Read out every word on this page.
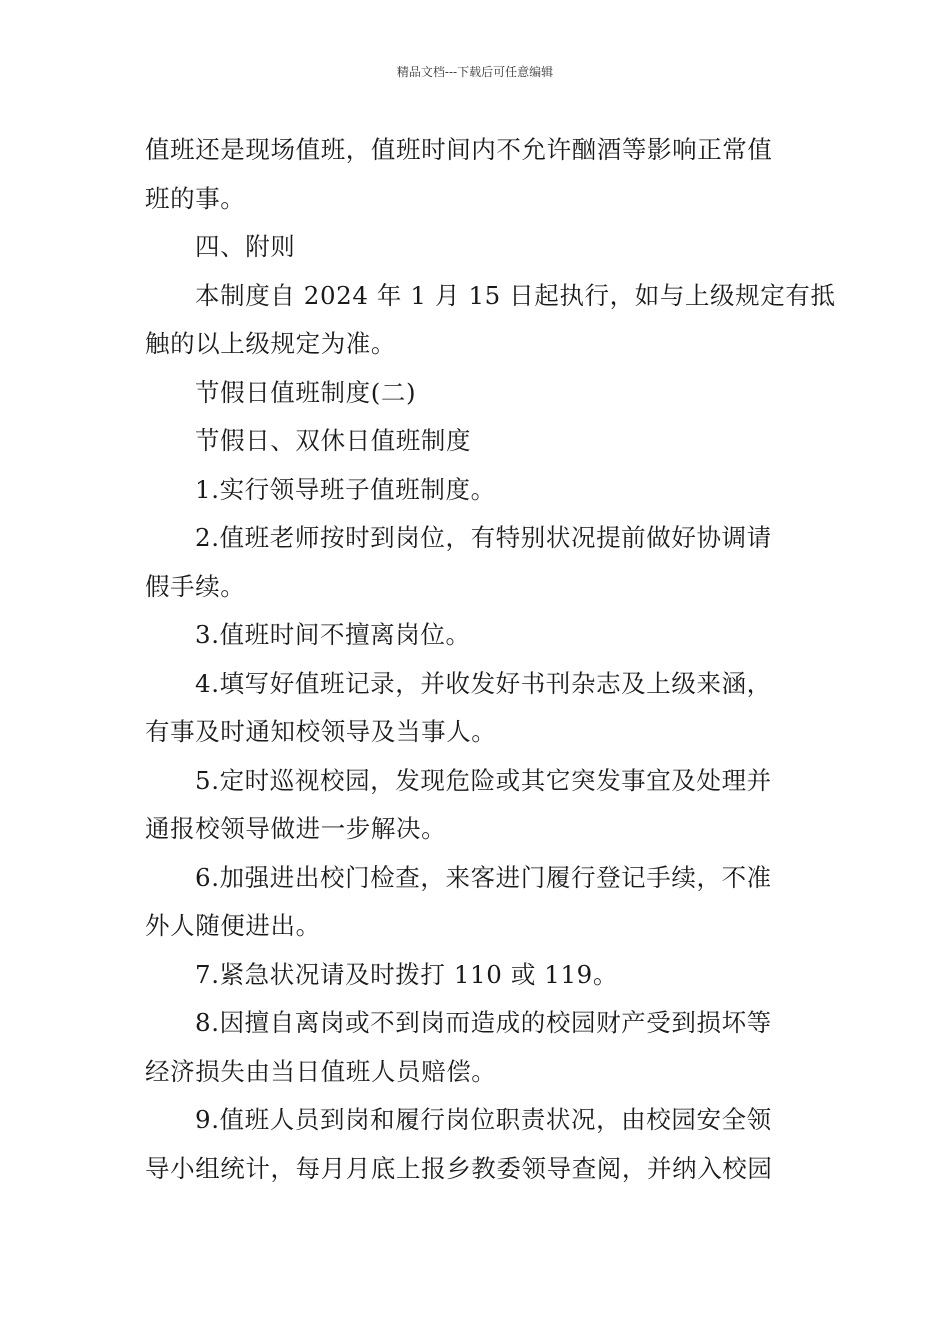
精品文档---下载后可任意编辑

值班还是现场值班，值班时间内不允许酗酒等影响正常值

班的事。

四、附则

本制度自 2024 年 1 月 15 日起执行，如与上级规定有抵

触的以上级规定为准。

节假日值班制度(二)

节假日、双休日值班制度

1.实行领导班子值班制度。

2.值班老师按时到岗位，有特别状况提前做好协调请

假手续。

3.值班时间不擅离岗位。

4.填写好值班记录，并收发好书刊杂志及上级来涵，

有事及时通知校领导及当事人。

5.定时巡视校园，发现危险或其它突发事宜及处理并

通报校领导做进一步解决。

6.加强进出校门检查，来客进门履行登记手续，不准

外人随便进出。

7.紧急状况请及时拨打 110 或 119。

8.因擅自离岗或不到岗而造成的校园财产受到损坏等

经济损失由当日值班人员赔偿。

9.值班人员到岗和履行岗位职责状况，由校园安全领

导小组统计，每月月底上报乡教委领导查阅，并纳入校园
